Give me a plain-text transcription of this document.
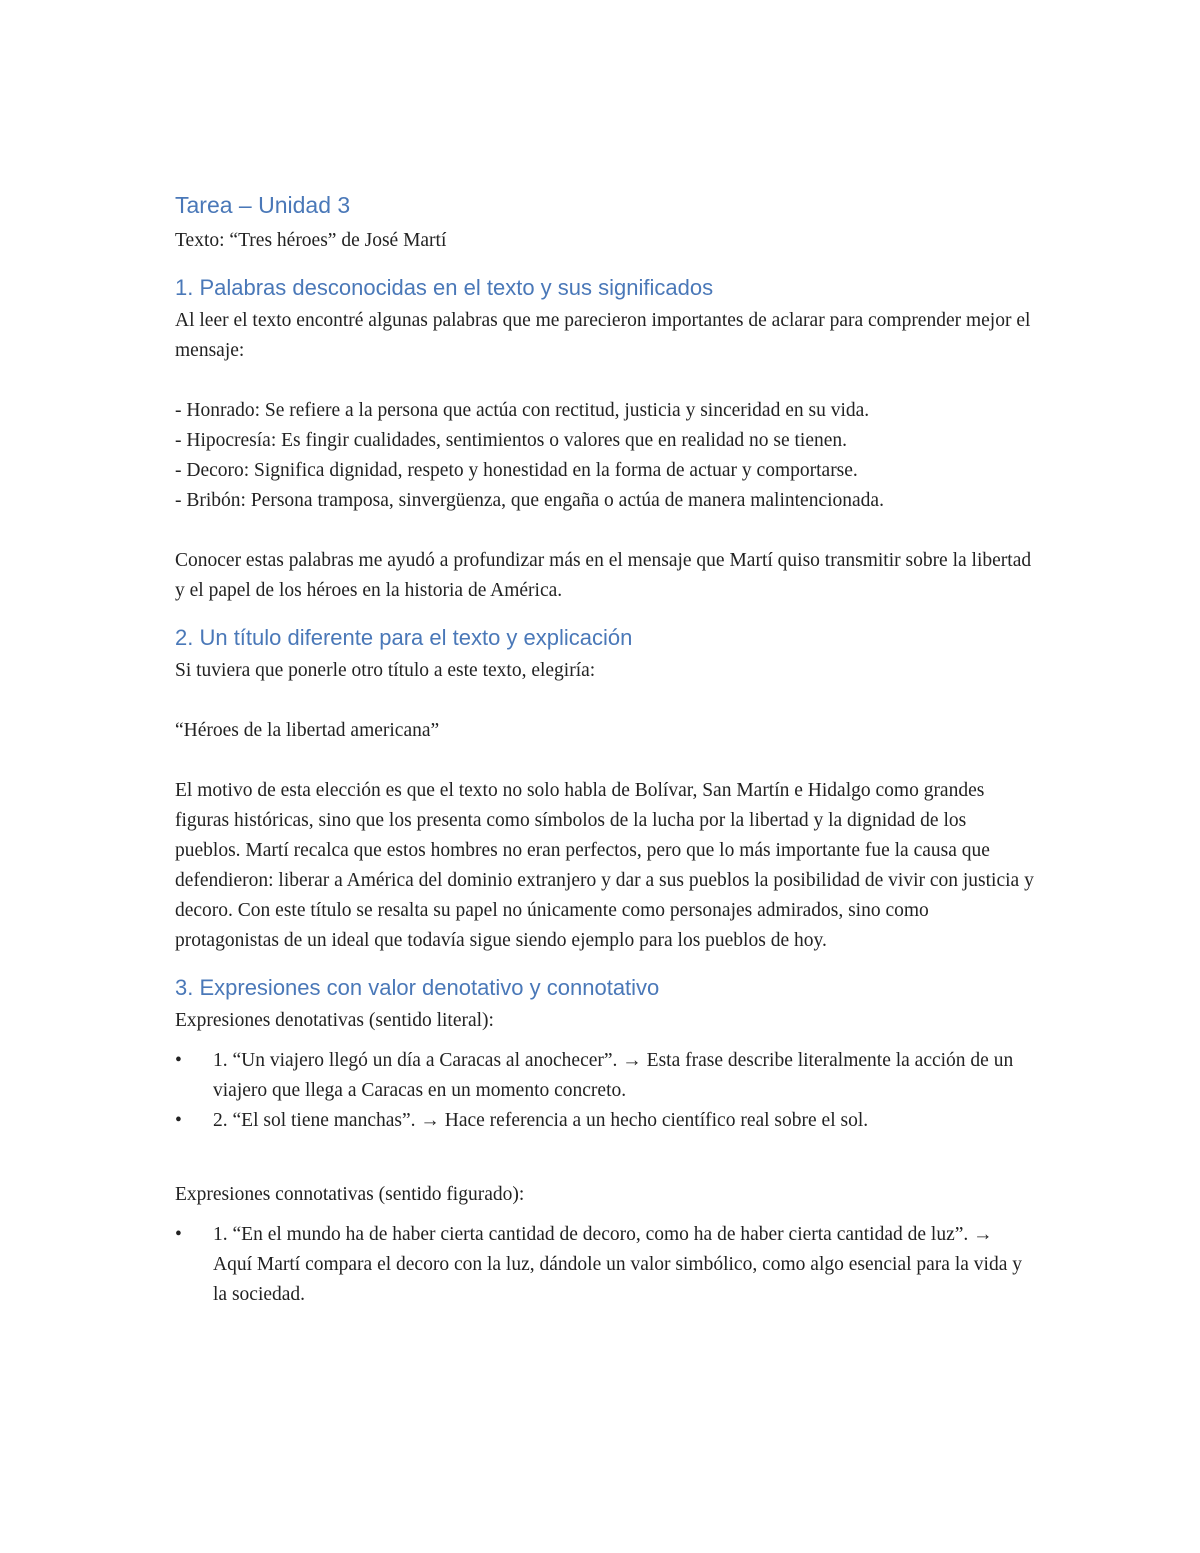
Tarea – Unidad 3

Texto: “Tres héroes” de José Martí

1. Palabras desconocidas en el texto y sus significados

Al leer el texto encontré algunas palabras que me parecieron importantes de aclarar para comprender mejor el mensaje:

- Honrado: Se refiere a la persona que actúa con rectitud, justicia y sinceridad en su vida.
- Hipocresía: Es fingir cualidades, sentimientos o valores que en realidad no se tienen.
- Decoro: Significa dignidad, respeto y honestidad en la forma de actuar y comportarse.
- Bribón: Persona tramposa, sinvergüenza, que engaña o actúa de manera malintencionada.

Conocer estas palabras me ayudó a profundizar más en el mensaje que Martí quiso transmitir sobre la libertad y el papel de los héroes en la historia de América.

2. Un título diferente para el texto y explicación

Si tuviera que ponerle otro título a este texto, elegiría:

“Héroes de la libertad americana”

El motivo de esta elección es que el texto no solo habla de Bolívar, San Martín e Hidalgo como grandes figuras históricas, sino que los presenta como símbolos de la lucha por la libertad y la dignidad de los pueblos. Martí recalca que estos hombres no eran perfectos, pero que lo más importante fue la causa que defendieron: liberar a América del dominio extranjero y dar a sus pueblos la posibilidad de vivir con justicia y decoro. Con este título se resalta su papel no únicamente como personajes admirados, sino como protagonistas de un ideal que todavía sigue siendo ejemplo para los pueblos de hoy.

3. Expresiones con valor denotativo y connotativo

Expresiones denotativas (sentido literal):

•	1. “Un viajero llegó un día a Caracas al anochecer”. → Esta frase describe literalmente la acción de un viajero que llega a Caracas en un momento concreto.
•	2. “El sol tiene manchas”. → Hace referencia a un hecho científico real sobre el sol.

Expresiones connotativas (sentido figurado):

•	1. “En el mundo ha de haber cierta cantidad de decoro, como ha de haber cierta cantidad de luz”. → Aquí Martí compara el decoro con la luz, dándole un valor simbólico, como algo esencial para la vida y la sociedad.
